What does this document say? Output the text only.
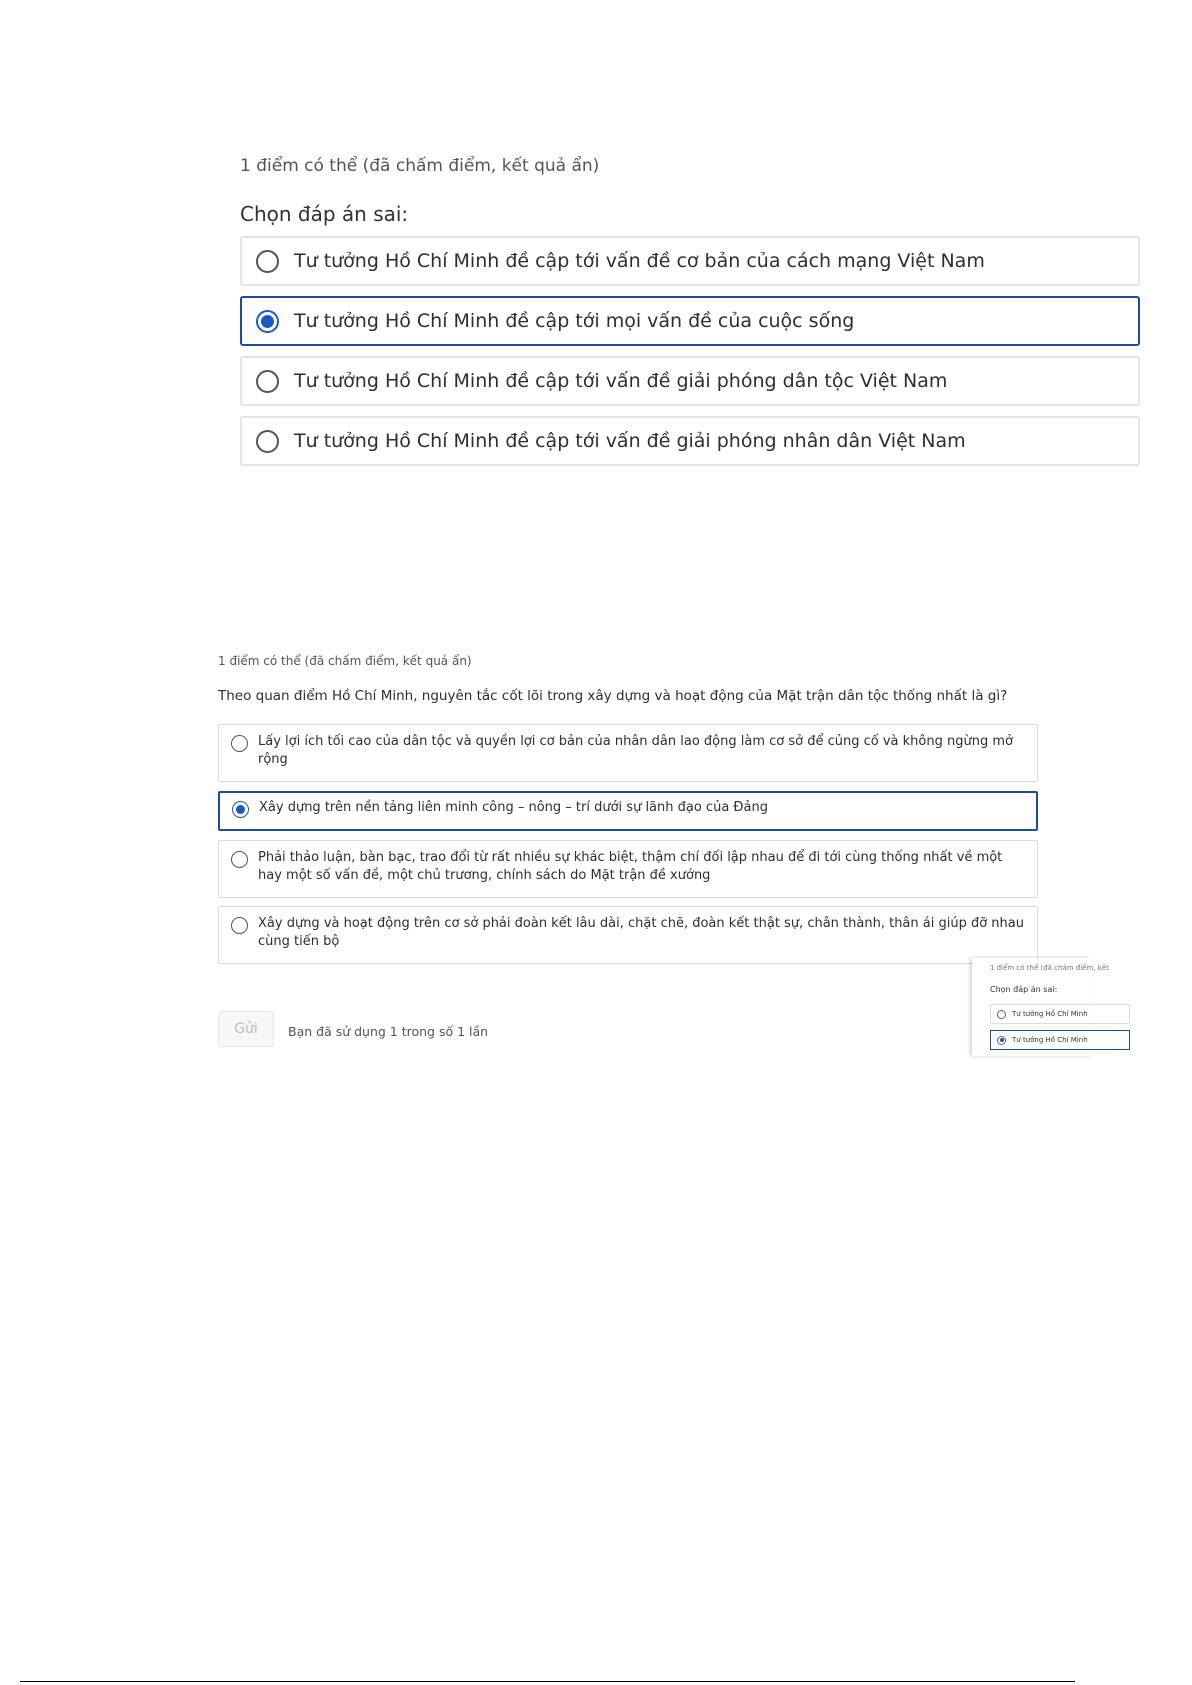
1 điểm có thể (đã chấm điểm, kết quả ẩn)
Chọn đáp án sai:
Tư tưởng Hồ Chí Minh đề cập tới vấn đề cơ bản của cách mạng Việt Nam
Tư tưởng Hồ Chí Minh đề cập tới mọi vấn đề của cuộc sống
Tư tưởng Hồ Chí Minh đề cập tới vấn đề giải phóng dân tộc Việt Nam
Tư tưởng Hồ Chí Minh đề cập tới vấn đề giải phóng nhân dân Việt Nam
1 điểm có thể (đã chấm điểm, kết quả ẩn)
Theo quan điểm Hồ Chí Minh, nguyên tắc cốt lõi trong xây dựng và hoạt động của Mặt trận dân tộc thống nhất là gì?
Lấy lợi ích tối cao của dân tộc và quyền lợi cơ bản của nhân dân lao động làm cơ sở để củng cố và không ngừng mở rộng
Xây dựng trên nền tảng liên minh công – nông – trí dưới sự lãnh đạo của Đảng
Phải thảo luận, bàn bạc, trao đổi từ rất nhiều sự khác biệt, thậm chí đối lập nhau để đi tới cùng thống nhất về một hay một số vấn đề, một chủ trương, chính sách do Mặt trận đề xướng
Xây dựng và hoạt động trên cơ sở phải đoàn kết lâu dài, chặt chẽ, đoàn kết thật sự, chân thành, thân ái giúp đỡ nhau cùng tiến bộ
Gửi	Bạn đã sử dụng 1 trong số 1 lần
1 điểm có thể (đã chấm điểm, kết
Chọn đáp án sai:
Tư tưởng Hồ Chí Minh
Tư tưởng Hồ Chí Minh
